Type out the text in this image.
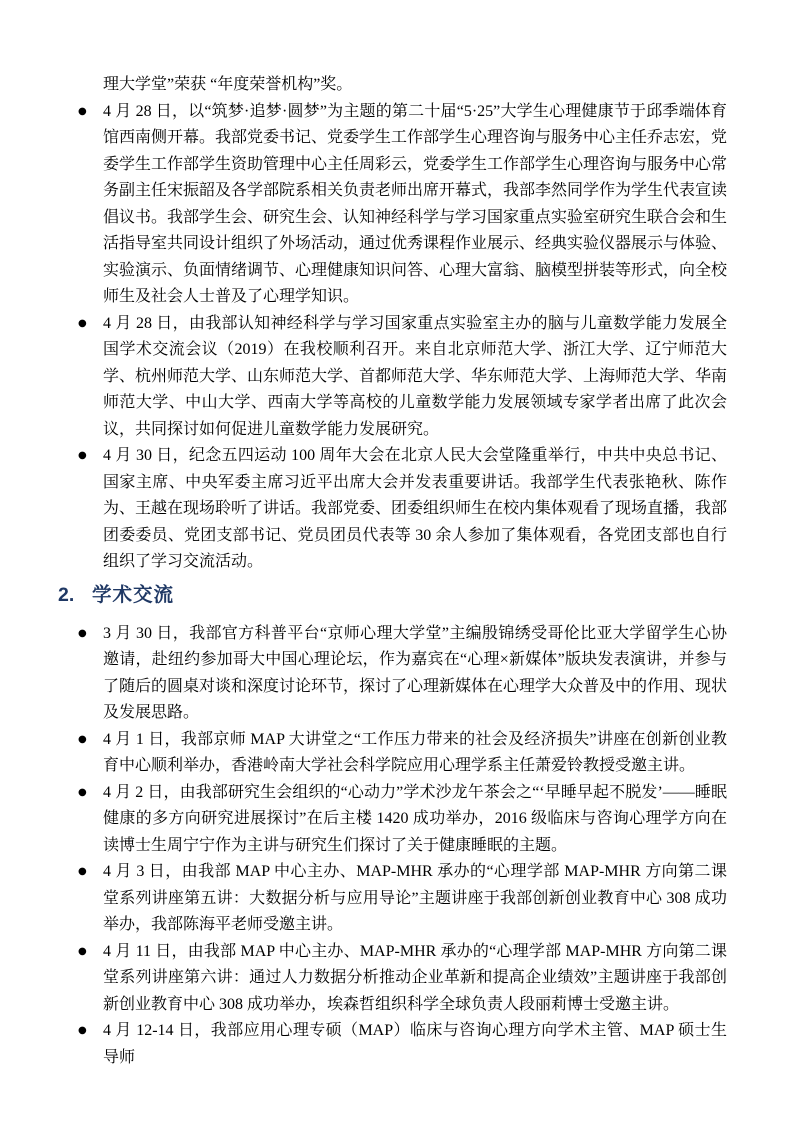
理大学堂”荣获 “年度荣誉机构”奖。

● 4 月 28 日，以“筑梦·追梦·圆梦”为主题的第二十届“5·25”大学生心理健康节于邱季端体育馆西南侧开幕。我部党委书记、党委学生工作部学生心理咨询与服务中心主任乔志宏，党委学生工作部学生资助管理中心主任周彩云，党委学生工作部学生心理咨询与服务中心常务副主任宋振韶及各学部院系相关负责老师出席开幕式，我部李然同学作为学生代表宣读倡议书。我部学生会、研究生会、认知神经科学与学习国家重点实验室研究生联合会和生活指导室共同设计组织了外场活动，通过优秀课程作业展示、经典实验仪器展示与体验、实验演示、负面情绪调节、心理健康知识问答、心理大富翁、脑模型拼装等形式，向全校师生及社会人士普及了心理学知识。
● 4 月 28 日，由我部认知神经科学与学习国家重点实验室主办的脑与儿童数学能力发展全国学术交流会议（2019）在我校顺利召开。来自北京师范大学、浙江大学、辽宁师范大学、杭州师范大学、山东师范大学、首都师范大学、华东师范大学、上海师范大学、华南师范大学、中山大学、西南大学等高校的儿童数学能力发展领域专家学者出席了此次会议，共同探讨如何促进儿童数学能力发展研究。
● 4 月 30 日，纪念五四运动 100 周年大会在北京人民大会堂隆重举行，中共中央总书记、国家主席、中央军委主席习近平出席大会并发表重要讲话。我部学生代表张艳秋、陈作为、王越在现场聆听了讲话。我部党委、团委组织师生在校内集体观看了现场直播，我部团委委员、党团支部书记、党员团员代表等 30 余人参加了集体观看，各党团支部也自行组织了学习交流活动。
2. 学术交流
● 3 月 30 日，我部官方科普平台“京师心理大学堂”主编殷锦绣受哥伦比亚大学留学生心协邀请，赴纽约参加哥大中国心理论坛，作为嘉宾在“心理×新媒体”版块发表演讲，并参与了随后的圆桌对谈和深度讨论环节，探讨了心理新媒体在心理学大众普及中的作用、现状及发展思路。
● 4 月 1 日，我部京师 MAP 大讲堂之“工作压力带来的社会及经济损失”讲座在创新创业教育中心顺利举办，香港岭南大学社会科学院应用心理学系主任萧爱铃教授受邀主讲。
● 4 月 2 日，由我部研究生会组织的“心动力”学术沙龙午茶会之“‘早睡早起不脱发’——睡眠健康的多方向研究进展探讨”在后主楼 1420 成功举办，2016 级临床与咨询心理学方向在读博士生周宁宁作为主讲与研究生们探讨了关于健康睡眠的主题。
● 4 月 3 日，由我部 MAP 中心主办、MAP-MHR 承办的“心理学部 MAP-MHR 方向第二课堂系列讲座第五讲：大数据分析与应用导论”主题讲座于我部创新创业教育中心 308 成功举办，我部陈海平老师受邀主讲。
● 4 月 11 日，由我部 MAP 中心主办、MAP-MHR 承办的“心理学部 MAP-MHR 方向第二课堂系列讲座第六讲：通过人力数据分析推动企业革新和提高企业绩效”主题讲座于我部创新创业教育中心 308 成功举办，埃森哲组织科学全球负责人段丽莉博士受邀主讲。
● 4 月 12-14 日，我部应用心理专硕（MAP）临床与咨询心理方向学术主管、MAP 硕士生导师
